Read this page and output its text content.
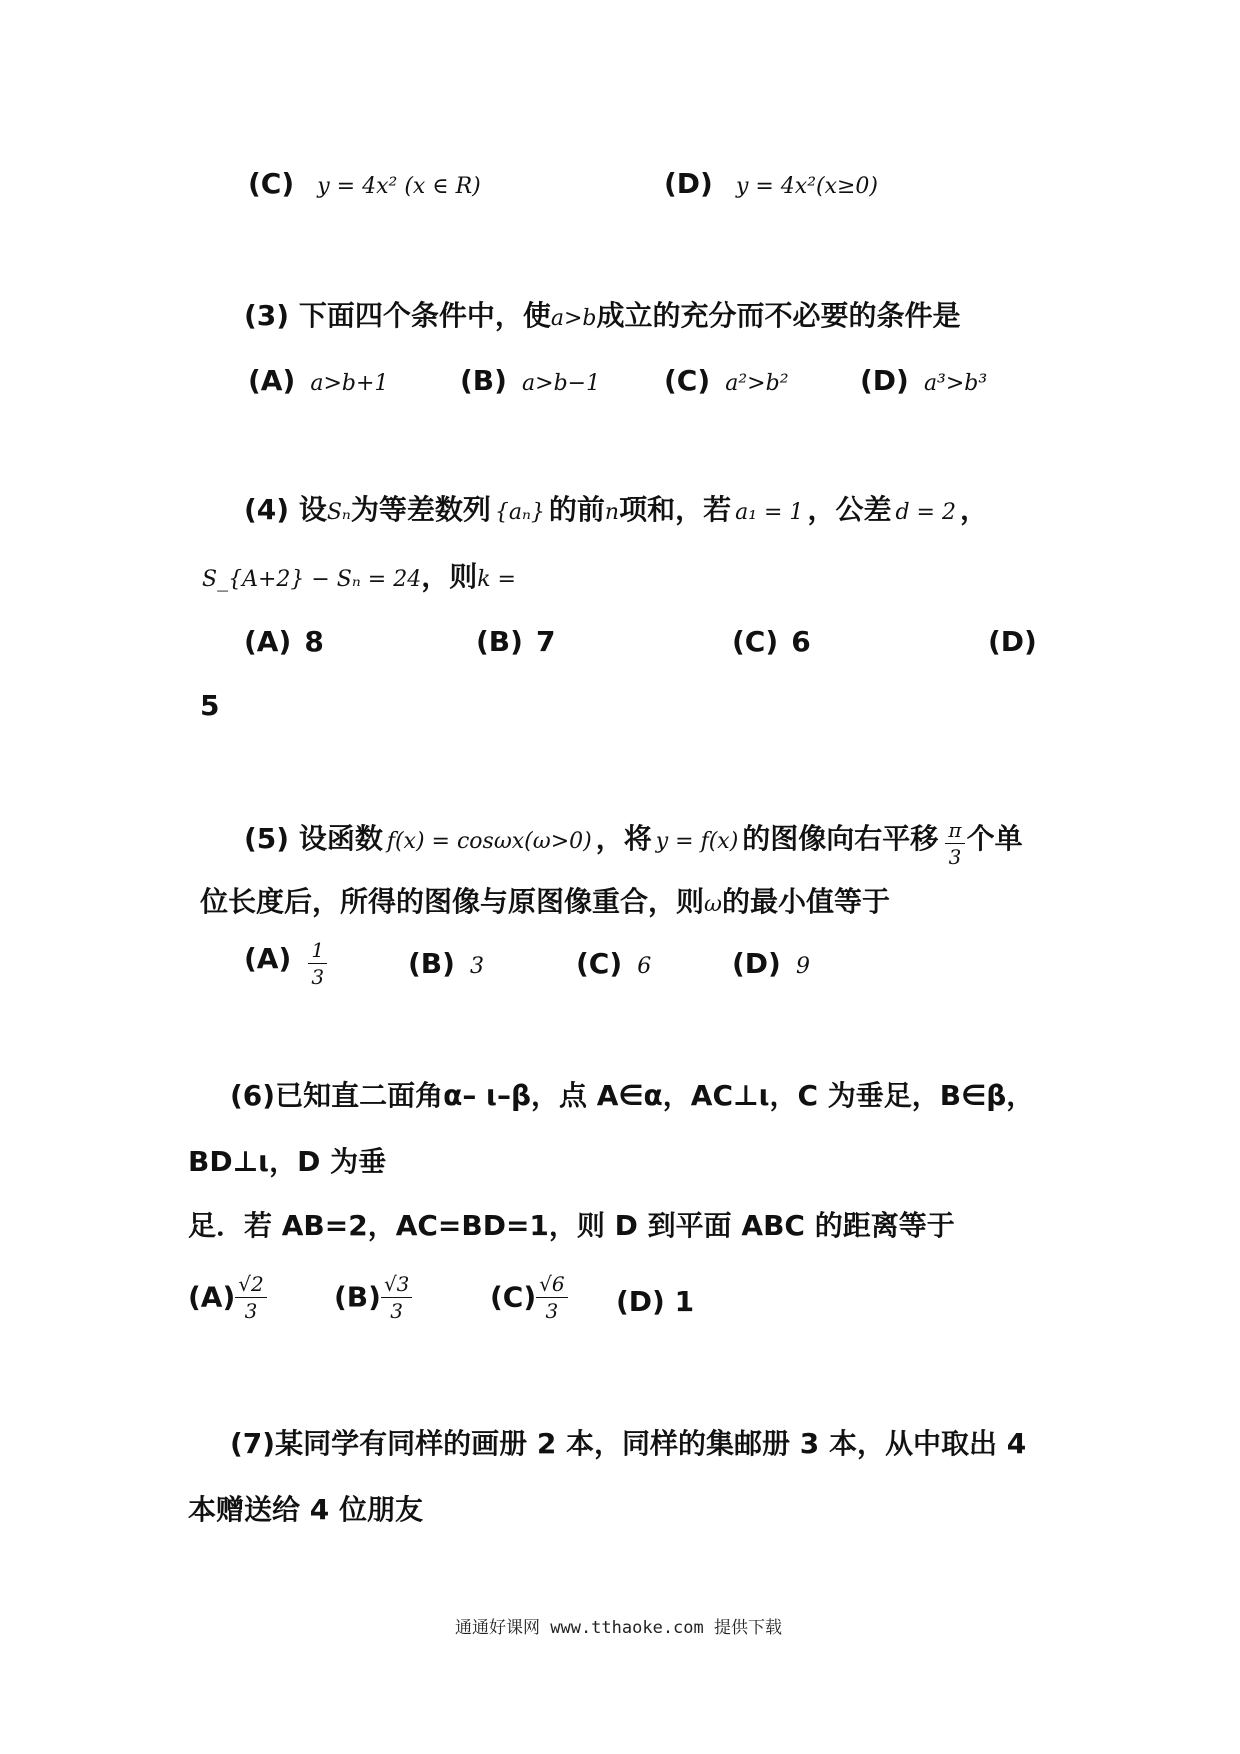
(C) y = 4x² (x ∈ R)	(D) y = 4x²(x≥0)
(3) 下面四个条件中，使a>b成立的充分而不必要的条件是
(A) a>b+1	(B) a>b−1 (C) a²>b²	(D) a³>b³
(4) 设Sₙ为等差数列 {aₙ} 的前n项和，若 a₁ = 1 ，公差 d = 2 ，
S_{A+2} − Sₙ = 24，则k =
(A) 8	(B) 7	(C) 6	(D)
5
(5) 设函数 f(x) = cosωx(ω>0) ，将 y = f(x) 的图像向右平移 $\frac{\pi}{3}$ 个单
位长度后，所得的图像与原图像重合，则ω的最小值等于
$(A) \frac{1}{3}$	(B) 3	(C) 6	(D) 9
(6)已知直二面角α– ι–β，点 A∈α，AC⊥ι，C 为垂足，B∈β，
BD⊥ι，D 为垂
足．若 AB=2，AC=BD=1，则 D 到平面 ABC 的距离等于
$(A) \frac{√2}{3} (B) \frac{√3}{3}$	$(C) \frac{√6}{3} (D)$ 1
(7)某同学有同样的画册 2 本，同样的集邮册 3 本，从中取出 4
本赠送给 4 位朋友
通通好课网 www.tthaoke.com 提供下载
